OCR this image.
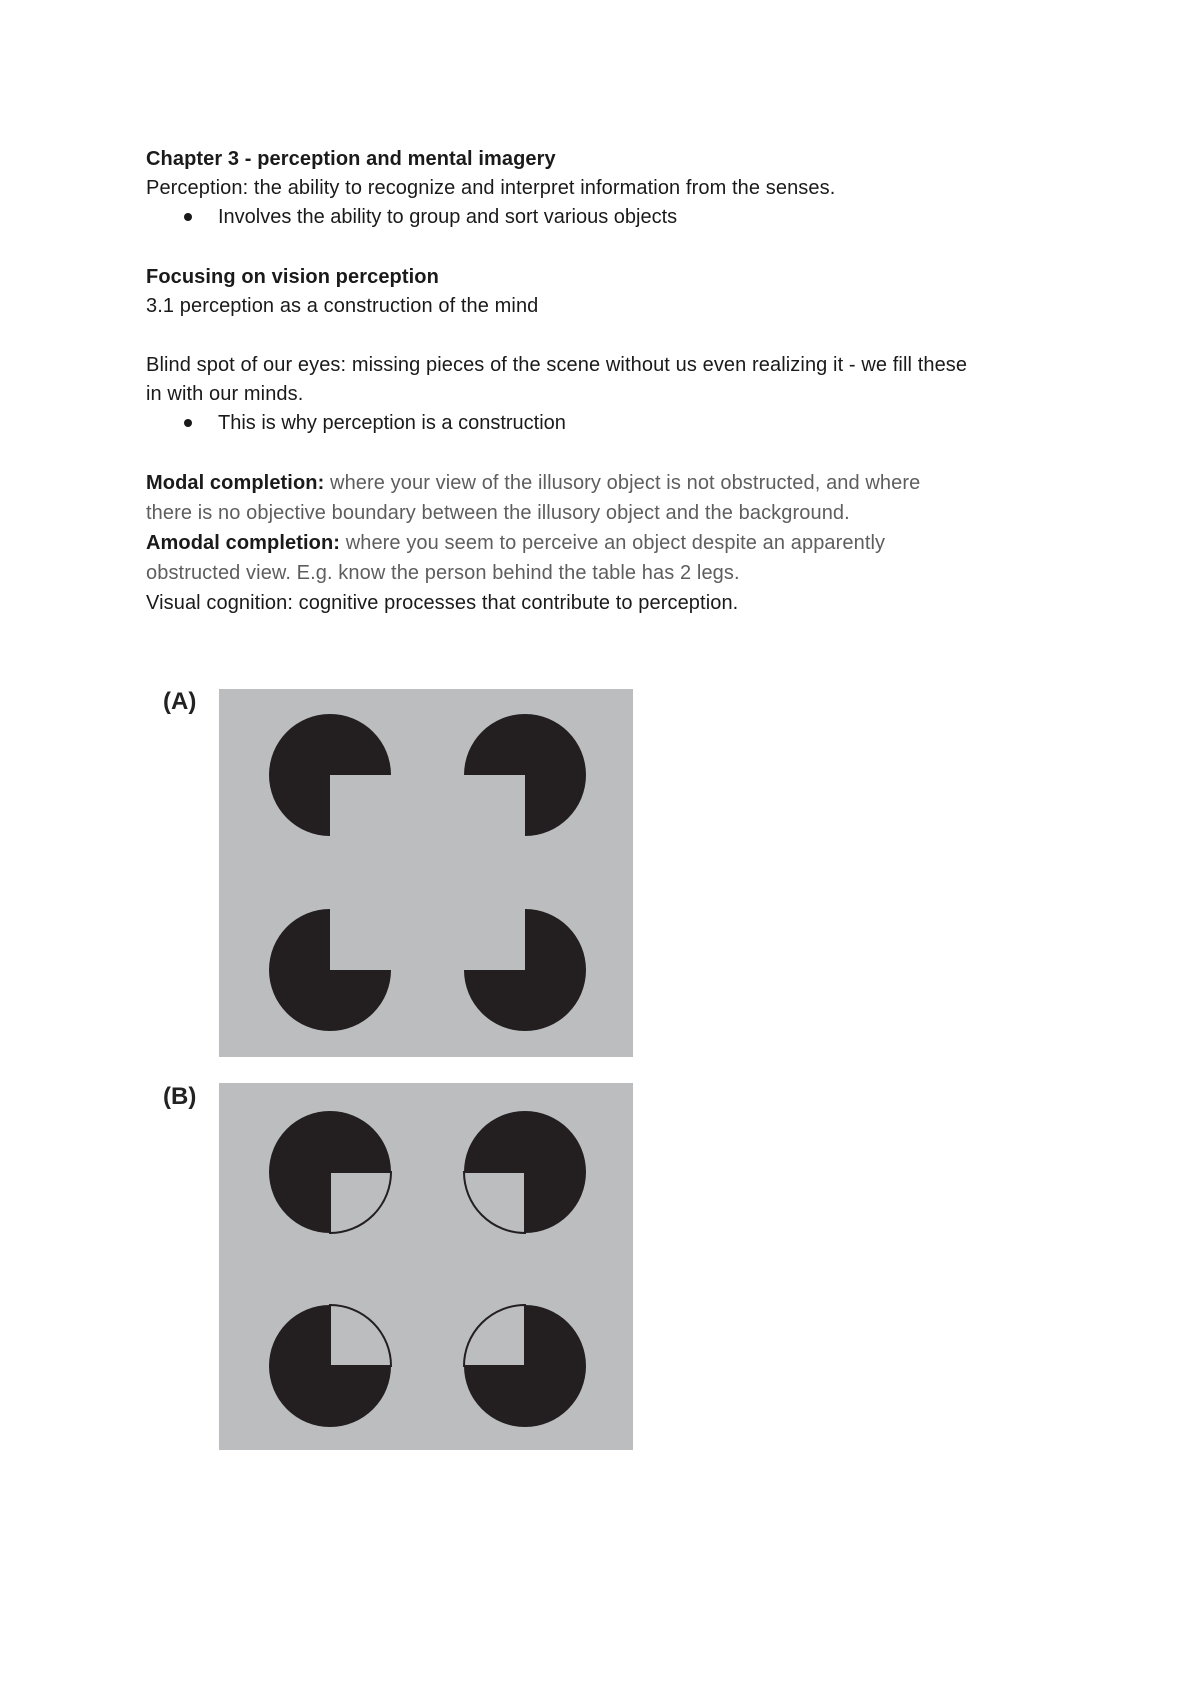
Chapter 3 - perception and mental imagery
Perception: the ability to recognize and interpret information from the senses.
Involves the ability to group and sort various objects
Focusing on vision perception
3.1 perception as a construction of the mind
Blind spot of our eyes: missing pieces of the scene without us even realizing it - we fill these
in with our minds.
This is why perception is a construction
Modal completion: where your view of the illusory object is not obstructed, and where
there is no objective boundary between the illusory object and the background.
Amodal completion: where you seem to perceive an object despite an apparently
obstructed view. E.g. know the person behind the table has 2 legs.
Visual cognition: cognitive processes that contribute to perception.
(A)
(B)
